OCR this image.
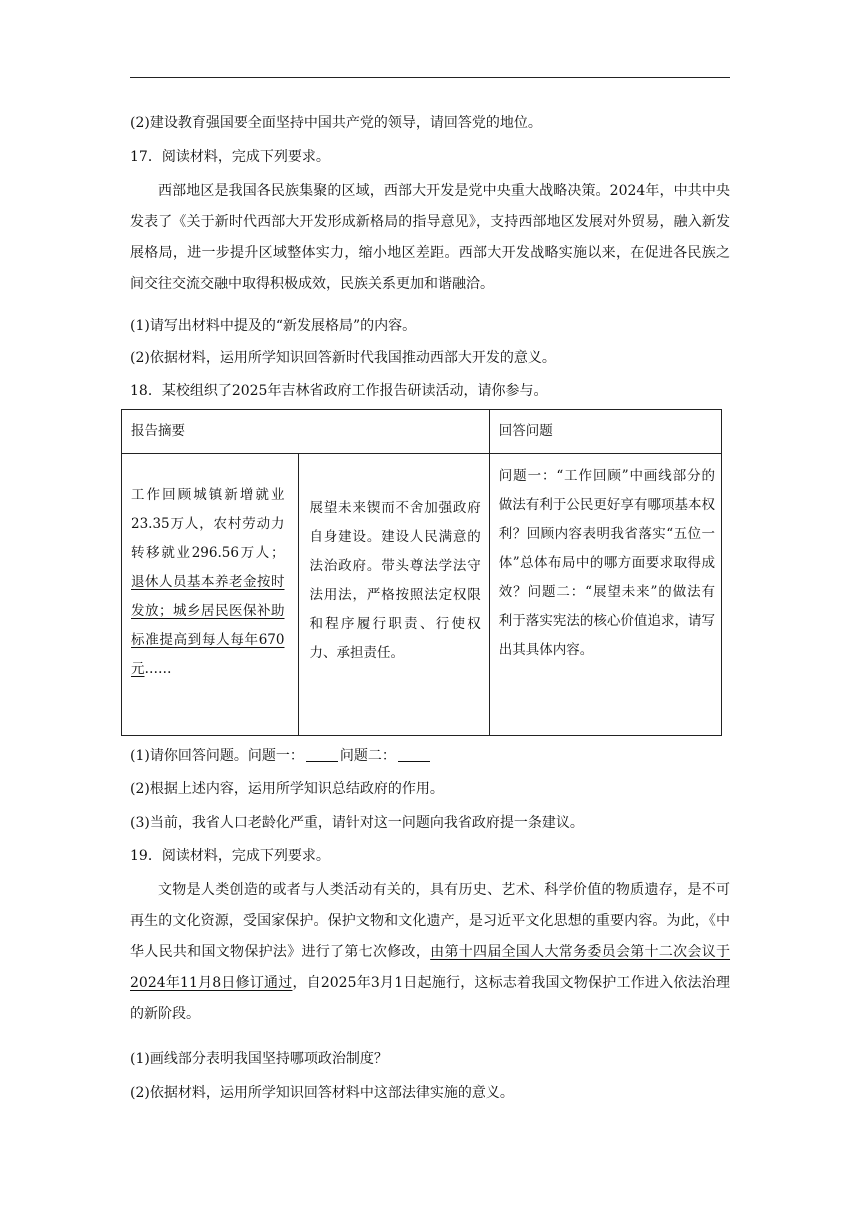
(2)建设教育强国要全面坚持中国共产党的领导，请回答党的地位。
17．阅读材料，完成下列要求。

西部地区是我国各民族集聚的区域，西部大开发是党中央重大战略决策。2024年，中共中央发表了《关于新时代西部大开发形成新格局的指导意见》，支持西部地区发展对外贸易，融入新发展格局，进一步提升区域整体实力，缩小地区差距。西部大开发战略实施以来，在促进各民族之间交往交流交融中取得积极成效，民族关系更加和谐融洽。

(1)请写出材料中提及的“新发展格局”的内容。
(2)依据材料，运用所学知识回答新时代我国推动西部大开发的意义。
18．某校组织了2025年吉林省政府工作报告研读活动，请你参与。
报告摘要		回答问题

工作回顾城镇新增就业23.35万人，农村劳动力转移就业296.56万人；退休人员基本养老金按时发放；城乡居民医保补助标准提高到每人每年670元……	展望未来锲而不舍加强政府自身建设。建设人民满意的法治政府。带头尊法学法守法用法，严格按照法定权限和程序履行职责、行使权力、承担责任。	问题一：“工作回顾”中画线部分的做法有利于公民更好享有哪项基本权利？回顾内容表明我省落实“五位一体”总体布局中的哪方面要求取得成效？问题二：“展望未来”的做法有利于落实宪法的核心价值追求，请写出其具体内容。
(1)请你回答问题。问题一：	问题二：
(2)根据上述内容，运用所学知识总结政府的作用。
(3)当前，我省人口老龄化严重，请针对这一问题向我省政府提一条建议。
19．阅读材料，完成下列要求。

文物是人类创造的或者与人类活动有关的，具有历史、艺术、科学价值的物质遗存，是不可再生的文化资源，受国家保护。保护文物和文化遗产，是习近平文化思想的重要内容。为此，《中华人民共和国文物保护法》进行了第七次修改，由第十四届全国人大常务委员会第十二次会议于2024年11月8日修订通过，自2025年3月1日起施行，这标志着我国文物保护工作进入依法治理的新阶段。

(1)画线部分表明我国坚持哪项政治制度？
(2)依据材料，运用所学知识回答材料中这部法律实施的意义。
